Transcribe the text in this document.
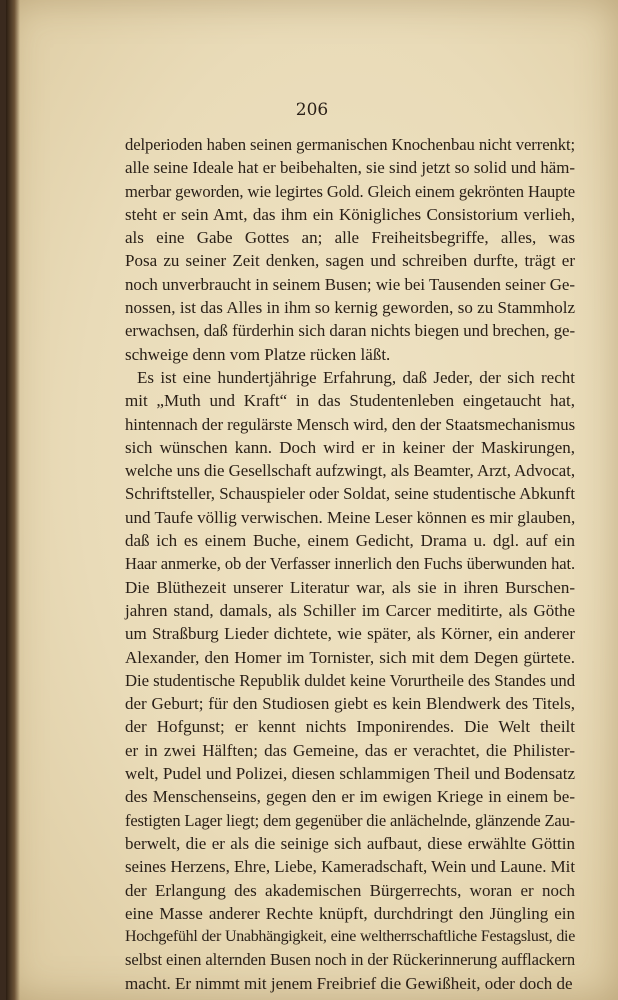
206
delperioden haben seinen germanischen Knochenbau nicht verrenkt;
alle seine Ideale hat er beibehalten, sie sind jetzt so solid und häm-
merbar geworden, wie legirtes Gold. Gleich einem gekrönten Haupte
steht er sein Amt, das ihm ein Königliches Consistorium verlieh,
als eine Gabe Gottes an; alle Freiheitsbegriffe, alles, was
Posa zu seiner Zeit denken, sagen und schreiben durfte, trägt er
noch unverbraucht in seinem Busen; wie bei Tausenden seiner Ge-
nossen, ist das Alles in ihm so kernig geworden, so zu Stammholz
erwachsen, daß fürderhin sich daran nichts biegen und brechen, ge-
schweige denn vom Platze rücken läßt.
Es ist eine hundertjährige Erfahrung, daß Jeder, der sich recht
mit „Muth und Kraft“ in das Studentenleben eingetaucht hat,
hintennach der regulärste Mensch wird, den der Staatsmechanismus
sich wünschen kann. Doch wird er in keiner der Maskirungen,
welche uns die Gesellschaft aufzwingt, als Beamter, Arzt, Advocat,
Schriftsteller, Schauspieler oder Soldat, seine studentische Abkunft
und Taufe völlig verwischen. Meine Leser können es mir glauben,
daß ich es einem Buche, einem Gedicht, Drama u. dgl. auf ein
Haar anmerke, ob der Verfasser innerlich den Fuchs überwunden hat.
Die Blüthezeit unserer Literatur war, als sie in ihren Burschen-
jahren stand, damals, als Schiller im Carcer meditirte, als Göthe
um Straßburg Lieder dichtete, wie später, als Körner, ein anderer
Alexander, den Homer im Tornister, sich mit dem Degen gürtete.
Die studentische Republik duldet keine Vorurtheile des Standes und
der Geburt; für den Studiosen giebt es kein Blendwerk des Titels,
der Hofgunst; er kennt nichts Imponirendes. Die Welt theilt
er in zwei Hälften; das Gemeine, das er verachtet, die Philister-
welt, Pudel und Polizei, diesen schlammigen Theil und Bodensatz
des Menschenseins, gegen den er im ewigen Kriege in einem be-
festigten Lager liegt; dem gegenüber die anlächelnde, glänzende Zau-
berwelt, die er als die seinige sich aufbaut, diese erwählte Göttin
seines Herzens, Ehre, Liebe, Kameradschaft, Wein und Laune. Mit
der Erlangung des akademischen Bürgerrechts, woran er noch
eine Masse anderer Rechte knüpft, durchdringt den Jüngling ein
Hochgefühl der Unabhängigkeit, eine weltherrschaftliche Festagslust, die
selbst einen alternden Busen noch in der Rückerinnerung aufflackern
macht. Er nimmt mit jenem Freibrief die Gewißheit, oder doch de
